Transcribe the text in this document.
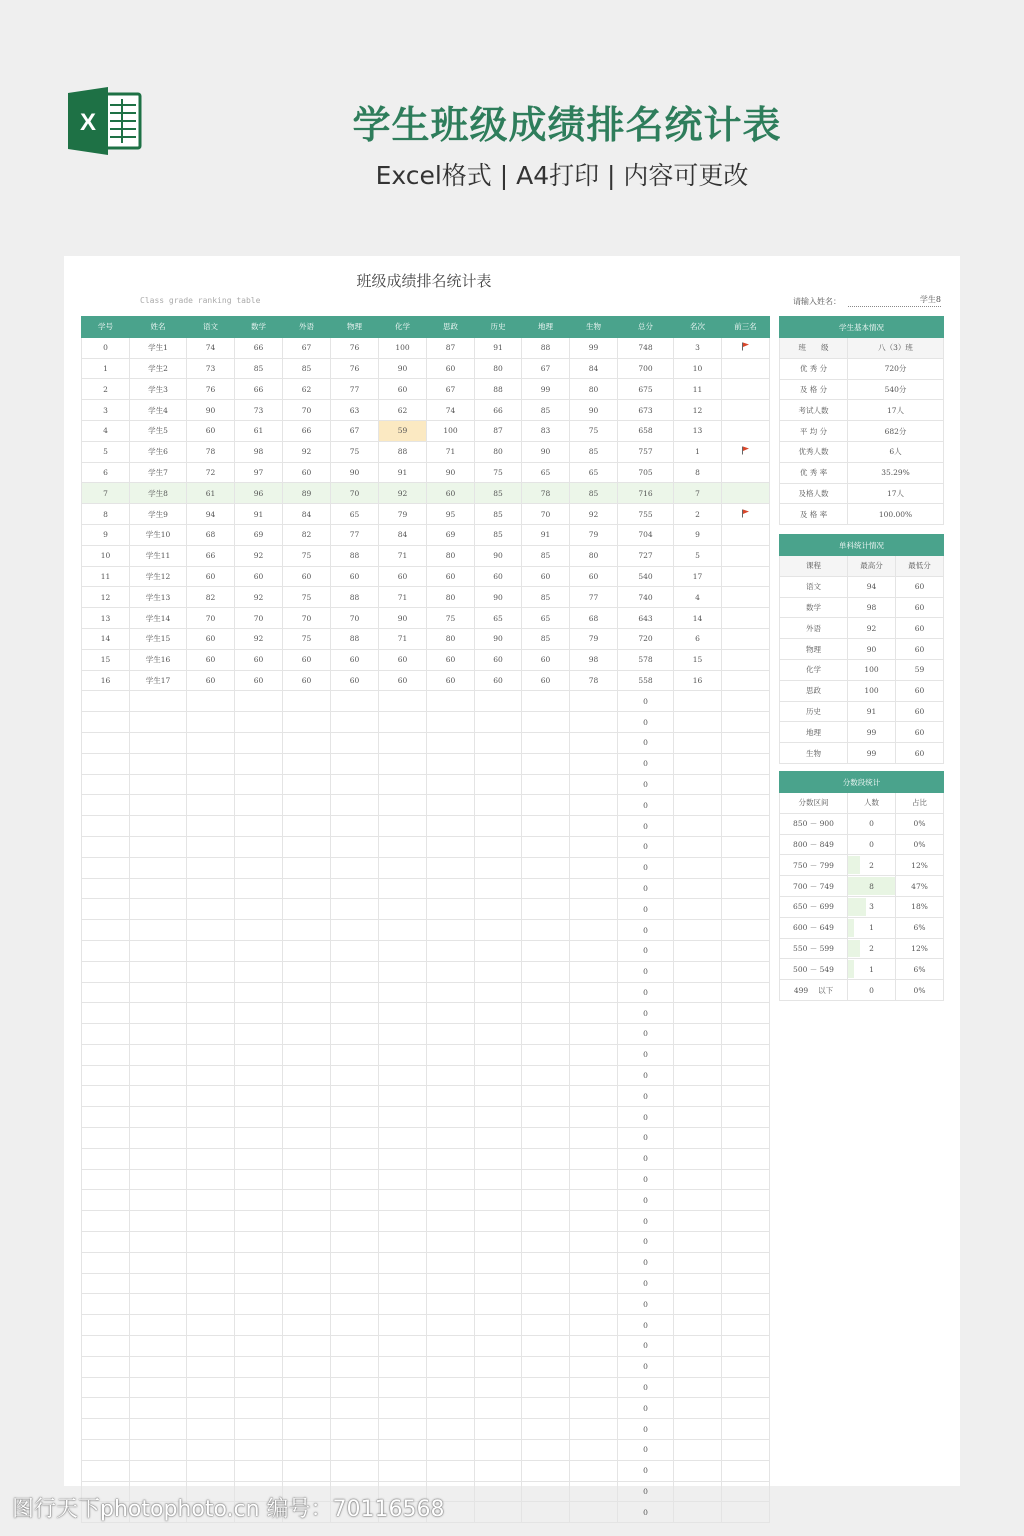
X	学生班级成绩排名统计表
Excel格式 | A4打印 | 内容可更改
班级成绩排名统计表
Class grade ranking table	请输入姓名：	学生8
学号	姓名	语文	数学	外语	物理	化学	思政	历史	地理	生物	总分	名次	前三名
0	学生1	74	66	67	76	100	87	91	88	99	748	3	
1	学生2	73	85	85	76	90	60	80	67	84	700	10	
2	学生3	76	66	62	77	60	67	88	99	80	675	11	
3	学生4	90	73	70	63	62	74	66	85	90	673	12	
4	学生5	60	61	66	67	59	100	87	83	75	658	13	
5	学生6	78	98	92	75	88	71	80	90	85	757	1	
6	学生7	72	97	60	90	91	90	75	65	65	705	8	
7	学生8	61	96	89	70	92	60	85	78	85	716	7	
8	学生9	94	91	84	65	79	95	85	70	92	755	2	
9	学生10	68	69	82	77	84	69	85	91	79	704	9	
10	学生11	66	92	75	88	71	80	90	85	80	727	5	
11	学生12	60	60	60	60	60	60	60	60	60	540	17	
12	学生13	82	92	75	88	71	80	90	85	77	740	4	
13	学生14	70	70	70	70	90	75	65	65	68	643	14	
14	学生15	60	92	75	88	71	80	90	85	79	720	6	
15	学生16	60	60	60	60	60	60	60	60	98	578	15	
16	学生17	60	60	60	60	60	60	60	60	78	558	16	
											0		
											0		
											0		
											0		
											0		
											0		
											0		
											0		
											0		
											0		
											0		
											0		
											0		
											0		
											0		
											0		
											0		
											0		
											0		
											0		
											0		
											0		
											0		
											0		
											0		
											0		
											0		
											0		
											0		
											0		
											0		
											0		
											0		
											0		
											0		
											0		
											0		
											0		
											0		
											0		
学生基本情况	
班　　级	八（3）班
优 秀 分	720分
及 格 分	540分
考试人数	17人
平 均 分	682分
优秀人数	6人
优 秀 率	35.29%
及格人数	17人
及 格 率	100.00%
单科统计情况		
课程	最高分	最低分
语文	94	60
数学	98	60
外语	92	60
物理	90	60
化学	100	59
思政	100	60
历史	91	60
地理	99	60
生物	99	60
分数段统计		
分数区间	人数	占比
850 － 900	0	0%
800 － 849	0	0%
750 － 799	2	12%
700 － 749	8	47%
650 － 699	3	18%
600 － 649	1	6%
550 － 599	2	12%
500 － 549	1	6%
499　 以下	0	0%
图行天下photophoto.cn 编号：70116568
